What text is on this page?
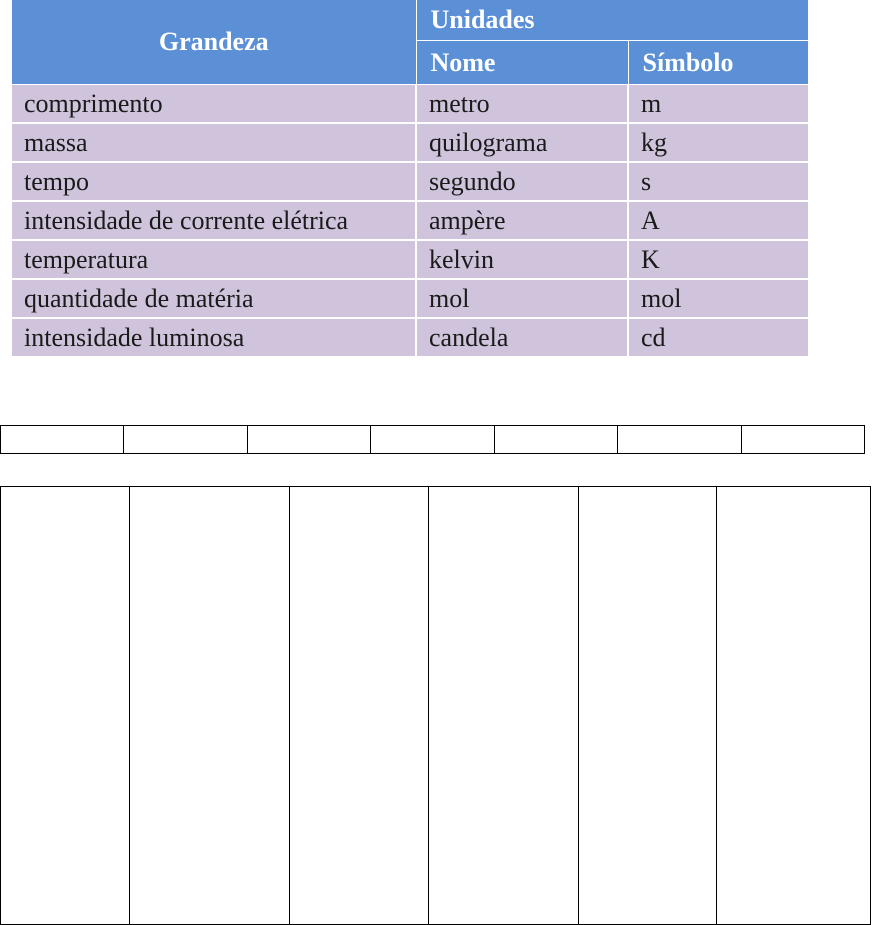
Grandeza	Unidades	
	Nome	Símbolo
comprimento	metro	m
massa	quilograma	kg
tempo	segundo	s
intensidade de corrente elétrica	ampère	A
temperatura	kelvin	K
quantidade de matéria	mol	mol
intensidade luminosa	candela	cd
